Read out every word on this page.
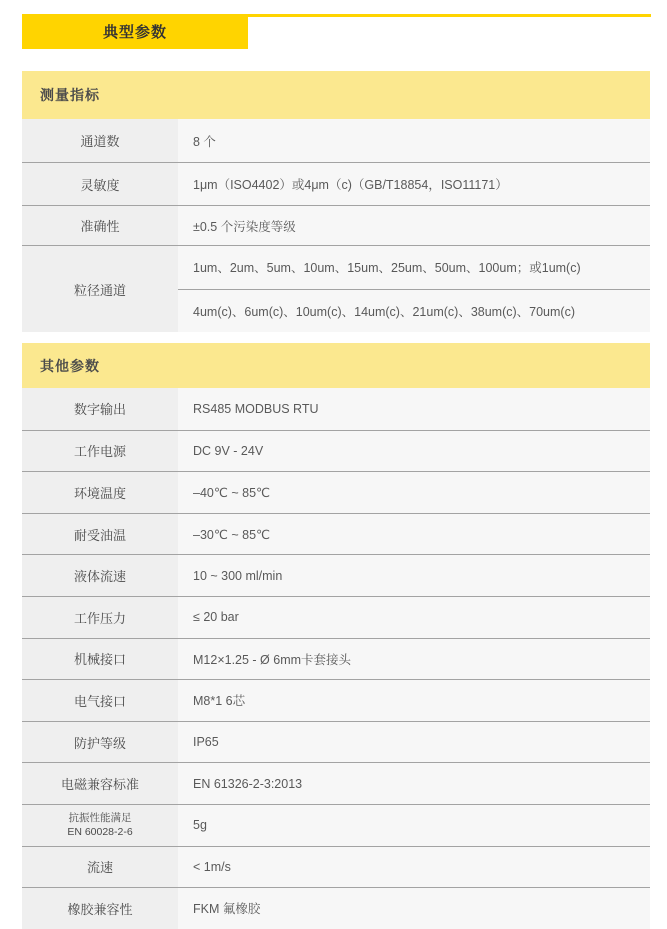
典型参数
测量指标
通道数	8 个
灵敏度	1μm（ISO4402）或4μm（c)（GB/T18854，ISO11171）
准确性	±0.5 个污染度等级
粒径通道
1um、2um、5um、10um、15um、25um、50um、100um；或1um(c)
4um(c)、6um(c)、10um(c)、14um(c)、21um(c)、38um(c)、70um(c)
其他参数
数字输出	RS485 MODBUS RTU
工作电源	DC 9V - 24V
环境温度	–40℃ ~ 85℃
耐受油温	–30℃ ~ 85℃
液体流速	10 ~ 300 ml/min
工作压力	≤ 20 bar
机械接口	M12×1.25 - Ø 6mm卡套接头
电气接口	M8*1 6芯
防护等级	IP65
电磁兼容标准	EN 61326-2-3:2013
抗振性能满足
EN 60028-2-6	5g
流速	< 1m/s
橡胶兼容性	FKM 氟橡胶
